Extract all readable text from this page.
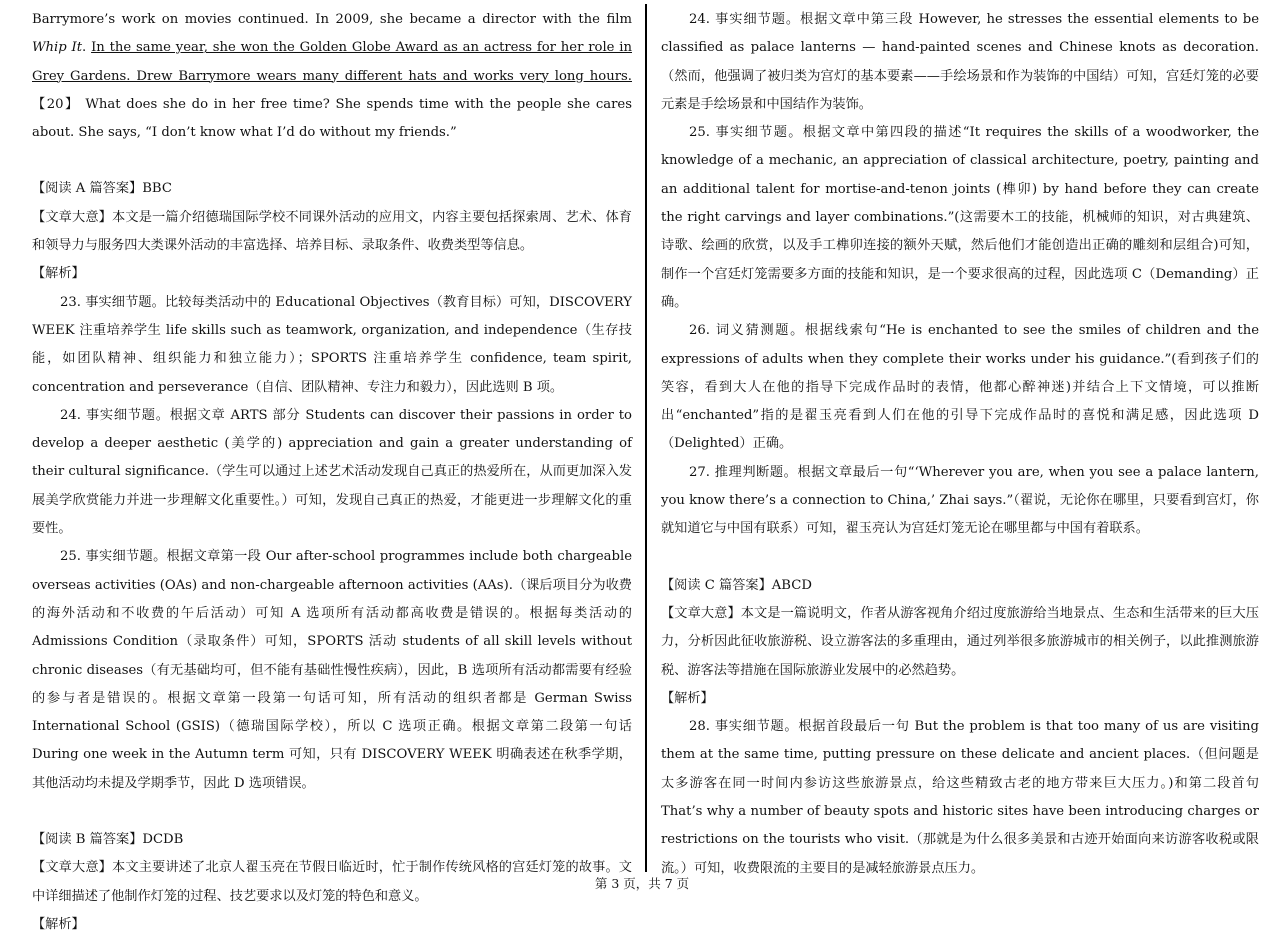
Barrymore’s work on movies continued. In 2009, she became a director with the film Whip It. In the same year, she won the Golden Globe Award as an actress for her role in Grey Gardens. Drew Barrymore wears many different hats and works very long hours.【20】 What does she do in her free time? She spends time with the people she cares about. She says, “I don’t know what I’d do without my friends.”

【阅读 A 篇答案】BBC

【文章大意】本文是一篇介绍德瑞国际学校不同课外活动的应用文，内容主要包括探索周、艺术、体育和领导力与服务四大类课外活动的丰富选择、培养目标、录取条件、收费类型等信息。

【解析】

23. 事实细节题。比较每类活动中的 Educational Objectives（教育目标）可知，DISCOVERY WEEK 注重培养学生 life skills such as teamwork, organization, and independence（生存技能，如团队精神、组织能力和独立能力）；SPORTS 注重培养学生 confidence, team spirit, concentration and perseverance（自信、团队精神、专注力和毅力），因此选则 B 项。

24. 事实细节题。根据文章 ARTS 部分 Students can discover their passions in order to develop a deeper aesthetic (美学的) appreciation and gain a greater understanding of their cultural significance.（学生可以通过上述艺术活动发现自己真正的热爱所在，从而更加深入发展美学欣赏能力并进一步理解文化重要性。）可知，发现自己真正的热爱，才能更进一步理解文化的重要性。

25. 事实细节题。根据文章第一段 Our after-school programmes include both chargeable overseas activities (OAs) and non-chargeable afternoon activities (AAs).（课后项目分为收费的海外活动和不收费的午后活动）可知 A 选项所有活动都高收费是错误的。根据每类活动的 Admissions Condition（录取条件）可知，SPORTS 活动 students of all skill levels without chronic diseases（有无基础均可，但不能有基础性慢性疾病），因此，B 选项所有活动都需要有经验的参与者是错误的。根据文章第一段第一句话可知，所有活动的组织者都是 German Swiss International School (GSIS)（德瑞国际学校），所以 C 选项正确。根据文章第二段第一句话 During one week in the Autumn term 可知，只有 DISCOVERY WEEK 明确表述在秋季学期，其他活动均未提及学期季节，因此 D 选项错误。

【阅读 B 篇答案】DCDB

【文章大意】本文主要讲述了北京人翟玉亮在节假日临近时，忙于制作传统风格的宫廷灯笼的故事。文中详细描述了他制作灯笼的过程、技艺要求以及灯笼的特色和意义。

【解析】

24. 事实细节题。根据文章中第三段 However, he stresses the essential elements to be classified as palace lanterns — hand-painted scenes and Chinese knots as decoration.（然而，他强调了被归类为宫灯的基本要素——手绘场景和作为装饰的中国结）可知，宫廷灯笼的必要元素是手绘场景和中国结作为装饰。

25. 事实细节题。根据文章中第四段的描述“It requires the skills of a woodworker, the knowledge of a mechanic, an appreciation of classical architecture, poetry, painting and an additional talent for mortise-and-tenon joints (榫卯) by hand before they can create the right carvings and layer combinations.”(这需要木工的技能，机械师的知识，对古典建筑、诗歌、绘画的欣赏，以及手工榫卯连接的额外天赋，然后他们才能创造出正确的雕刻和层组合)可知，制作一个宫廷灯笼需要多方面的技能和知识，是一个要求很高的过程，因此选项 C（Demanding）正确。

26. 词义猜测题。根据线索句“He is enchanted to see the smiles of children and the expressions of adults when they complete their works under his guidance.”(看到孩子们的笑容，看到大人在他的指导下完成作品时的表情，他都心醉神迷)并结合上下文情境，可以推断出“enchanted”指的是翟玉亮看到人们在他的引导下完成作品时的喜悦和满足感，因此选项 D（Delighted）正确。

27. 推理判断题。根据文章最后一句“‘Wherever you are, when you see a palace lantern, you know there’s a connection to China,’ Zhai says.”（翟说，无论你在哪里，只要看到宫灯，你就知道它与中国有联系）可知，翟玉亮认为宫廷灯笼无论在哪里都与中国有着联系。

【阅读 C 篇答案】ABCD

【文章大意】本文是一篇说明文，作者从游客视角介绍过度旅游给当地景点、生态和生活带来的巨大压力，分析因此征收旅游税、设立游客法的多重理由，通过列举很多旅游城市的相关例子，以此推测旅游税、游客法等措施在国际旅游业发展中的必然趋势。

【解析】

28. 事实细节题。根据首段最后一句 But the problem is that too many of us are visiting them at the same time, putting pressure on these delicate and ancient places.（但问题是太多游客在同一时间内参访这些旅游景点，给这些精致古老的地方带来巨大压力。)和第二段首句 That’s why a number of beauty spots and historic sites have been introducing charges or restrictions on the tourists who visit.（那就是为什么很多美景和古迹开始面向来访游客收税或限流。）可知，收费限流的主要目的是减轻旅游景点压力。

第 3 页，共 7 页
